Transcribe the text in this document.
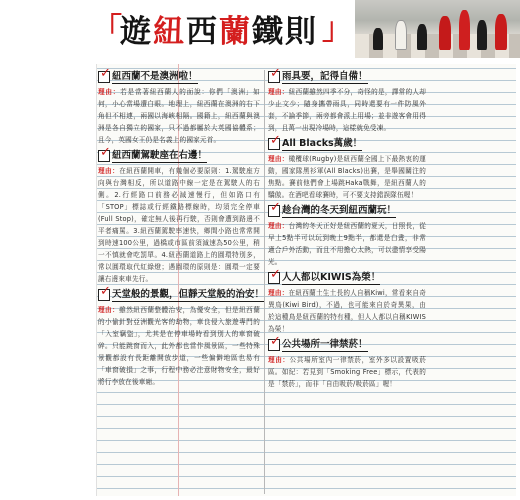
「
遊紐西蘭鐵則 」
✓
紐西蘭不是澳洲啦！
理由：若是當著紐西蘭人的面說：你們「澳洲」如何，小心當場遭白眼。地理上，紐西蘭在澳洲的右下角但不相連，兩國以海峽相隔。國籍上，紐西蘭與澳洲是各自獨立的國家，只不過都屬於大英國協體系；且今，英國女王仍是名義上的國家元首。
✓
紐西蘭駕駛座在右邊！
理由：在紐西蘭開車，有幾個必要原則：1.駕駛座方向與台灣相反，所以道路中線一定是在駕駛人的右側。2.行經路口前務必減速慢行，但如路口有「STOP」標誌或行經鐵路標線時，均須完全停車(Full Stop)，確定無人後再行駛，否則會遭到路邊不平者痛罵。3.紐西蘭駕駛率速快，鄉間小路也常常開到時速100公里，過橋或市區前須減速為50公里，稍一不慎就會吃罰單。4.紐西蘭道路上的圓環特別多，常以圓環取代紅綠燈；遇圓環的原則是：圓環一定要讓右邊來車先行。
✓
天堂般的景觀，但靜天堂般的治安！
理由：雖然紐西蘭整體治安，為優安全，但是紐西蘭的小偷針對亞洲觀光客的劫物，車良侵入旅遊專門的「入室竊盜」，尤其是在停車場時看到別人的車窗破碎。只能跳窗而入，此外都也當作風景區，一些特殊景觀都設有長距離開放步道，一些偏僻地區也易有「車窗破損」之事，行程中務必注意財物安全，最好將行李放在後車廂。
✓
雨具要，記得自備！
理由：紐西蘭雖然四季不分，奇怪的是，譯常的人却少止文少；隨身攜帶雨具，同時還要有一件防風外套，不論季節，兩旁都會派上用場；並非遊客會用得到，且萬一出現冷場時，這樣就免受凍。
✓
All Blacks萬歲！
理由：橄欖球(Rugby)是紐西蘭全國上下最熱衷的運動，國家隊黑衫軍(All Blacks)出賽，是舉國關注的焦點。賽前他們會上場跳Haka戰舞，是紐西蘭人的驕傲。在酒吧看球賽時，可不要支持錯誤隊伍喔！
✓
趁台灣的冬天到紐西蘭玩！
理由：台灣的冬天正好是紐西蘭的夏天，日照長，從早上5點半可以玩到晚上9點半，都還是白晝，非常適合戶外活動，而且不用擔心太熱，可以盡情享受陽光。
✓
人人都以KIWIS為榮！
理由：在紐西蘭土生土長的人自稱Kiwi，常看來自奇異鳥(Kiwi Bird)，不過，也可能來自於奇異果，由於這種鳥是紐西蘭的特有種，但人人都以自稱KIWIS為榮！
✓
公共場所一律禁菸！
理由：公共場所室內一律禁菸，室外多以設置吸菸區。如紀：若見到「Smoking Free」標示，代表的是「禁菸」，而非「自由吸菸/吸菸區」喔！
